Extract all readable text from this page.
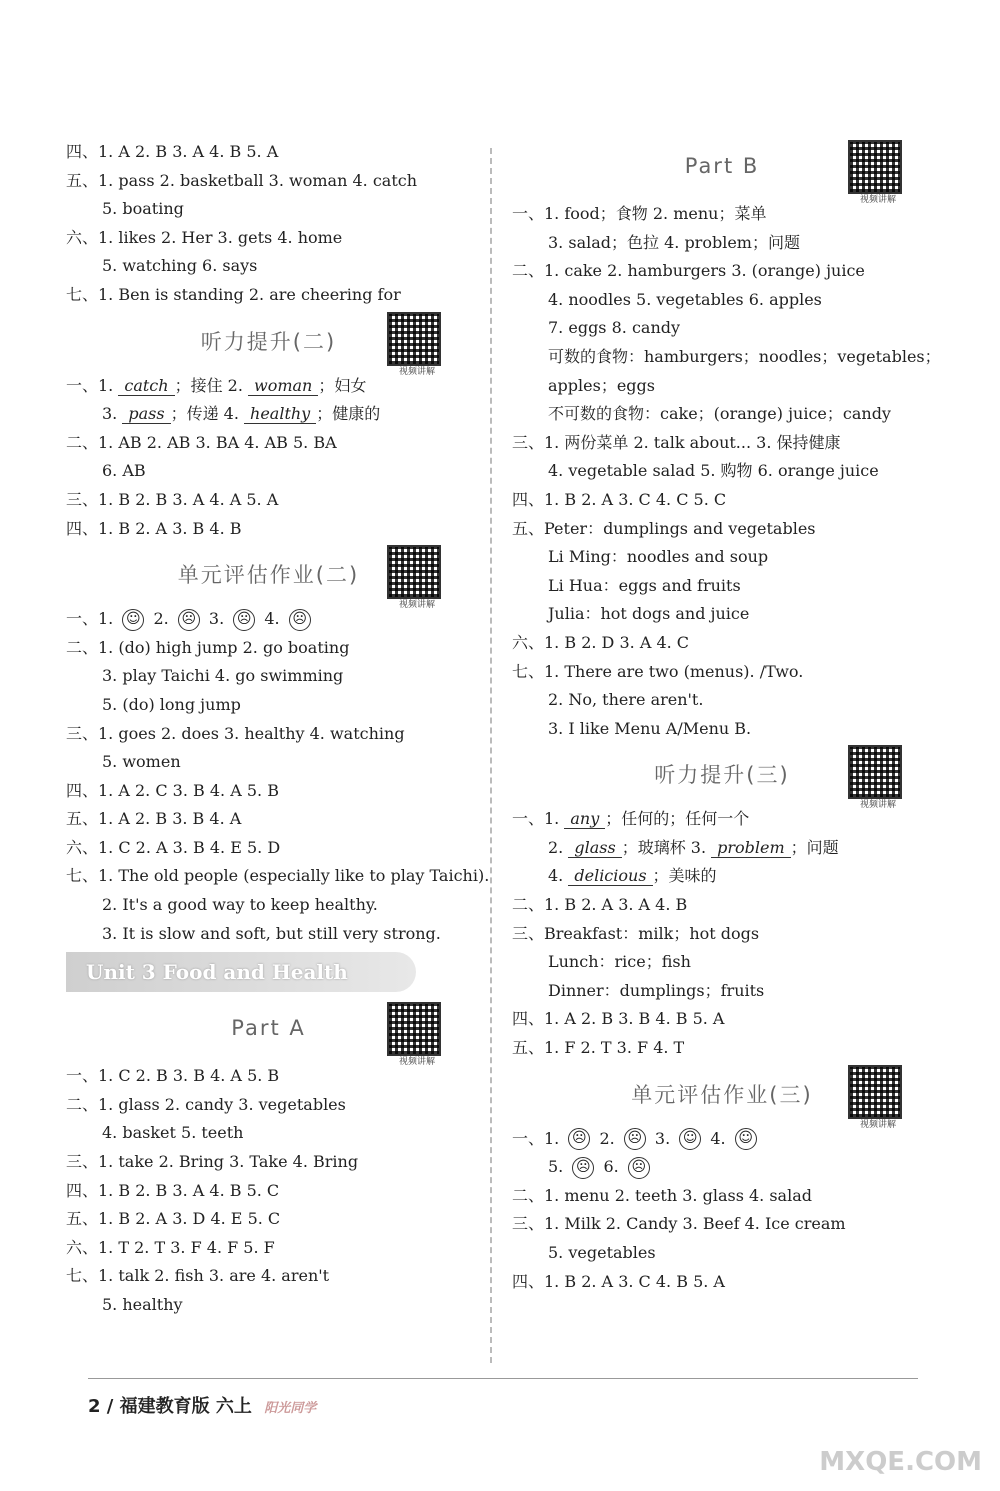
四、1. A 2. B 3. A 4. B 5. A
五、1. pass 2. basketball 3. woman 4. catch
5. boating
六、1. likes 2. Her 3. gets 4. home
5. watching 6. says
七、1. Ben is standing 2. are cheering for
听力提升(二)
视频讲解
一、1. catch ；接住 2. woman ；妇女
3. pass ；传递 4. healthy ；健康的
二、1. AB 2. AB 3. BA 4. AB 5. BA
6. AB
三、1. B 2. B 3. A 4. A 5. A
四、1. B 2. A 3. B 4. B
单元评估作业(二)
视频讲解
一、1. ☺ 2. ☹ 3. ☹ 4. ☹
二、1. (do) high jump 2. go boating
3. play Taichi 4. go swimming
5. (do) long jump
三、1. goes 2. does 3. healthy 4. watching
5. women
四、1. A 2. C 3. B 4. A 5. B
五、1. A 2. B 3. B 4. A
六、1. C 2. A 3. B 4. E 5. D
七、1. The old people (especially like to play Taichi).
2. It's a good way to keep healthy.
3. It is slow and soft, but still very strong.
Unit 3 Food and Health
Part A
视频讲解
一、1. C 2. B 3. B 4. A 5. B
二、1. glass 2. candy 3. vegetables
4. basket 5. teeth
三、1. take 2. Bring 3. Take 4. Bring
四、1. B 2. B 3. A 4. B 5. C
五、1. B 2. A 3. D 4. E 5. C
六、1. T 2. T 3. F 4. F 5. F
七、1. talk 2. fish 3. are 4. aren't
5. healthy
Part B
视频讲解
一、1. food；食物 2. menu；菜单
3. salad；色拉 4. problem；问题
二、1. cake 2. hamburgers 3. (orange) juice
4. noodles 5. vegetables 6. apples
7. eggs 8. candy
可数的食物：hamburgers；noodles；vegetables；
apples；eggs
不可数的食物：cake；(orange) juice；candy
三、1. 两份菜单 2. talk about... 3. 保持健康
4. vegetable salad 5. 购物 6. orange juice
四、1. B 2. A 3. C 4. C 5. C
五、Peter：dumplings and vegetables
Li Ming：noodles and soup
Li Hua：eggs and fruits
Julia：hot dogs and juice
六、1. B 2. D 3. A 4. C
七、1. There are two (menus). /Two.
2. No, there aren't.
3. I like Menu A/Menu B.
听力提升(三)
视频讲解
一、1. any ；任何的；任何一个
2. glass ；玻璃杯 3. problem ；问题
4. delicious ；美味的
二、1. B 2. A 3. A 4. B
三、Breakfast：milk；hot dogs
Lunch：rice；fish
Dinner：dumplings；fruits
四、1. A 2. B 3. B 4. B 5. A
五、1. F 2. T 3. F 4. T
单元评估作业(三)
视频讲解
一、1. ☹ 2. ☹ 3. ☺ 4. ☺
5. ☹ 6. ☹
二、1. menu 2. teeth 3. glass 4. salad
三、1. Milk 2. Candy 3. Beef 4. Ice cream
5. vegetables
四、1. B 2. A 3. C 4. B 5. A
2 / 福建教育版 六上 阳光同学
MXQE.COM
